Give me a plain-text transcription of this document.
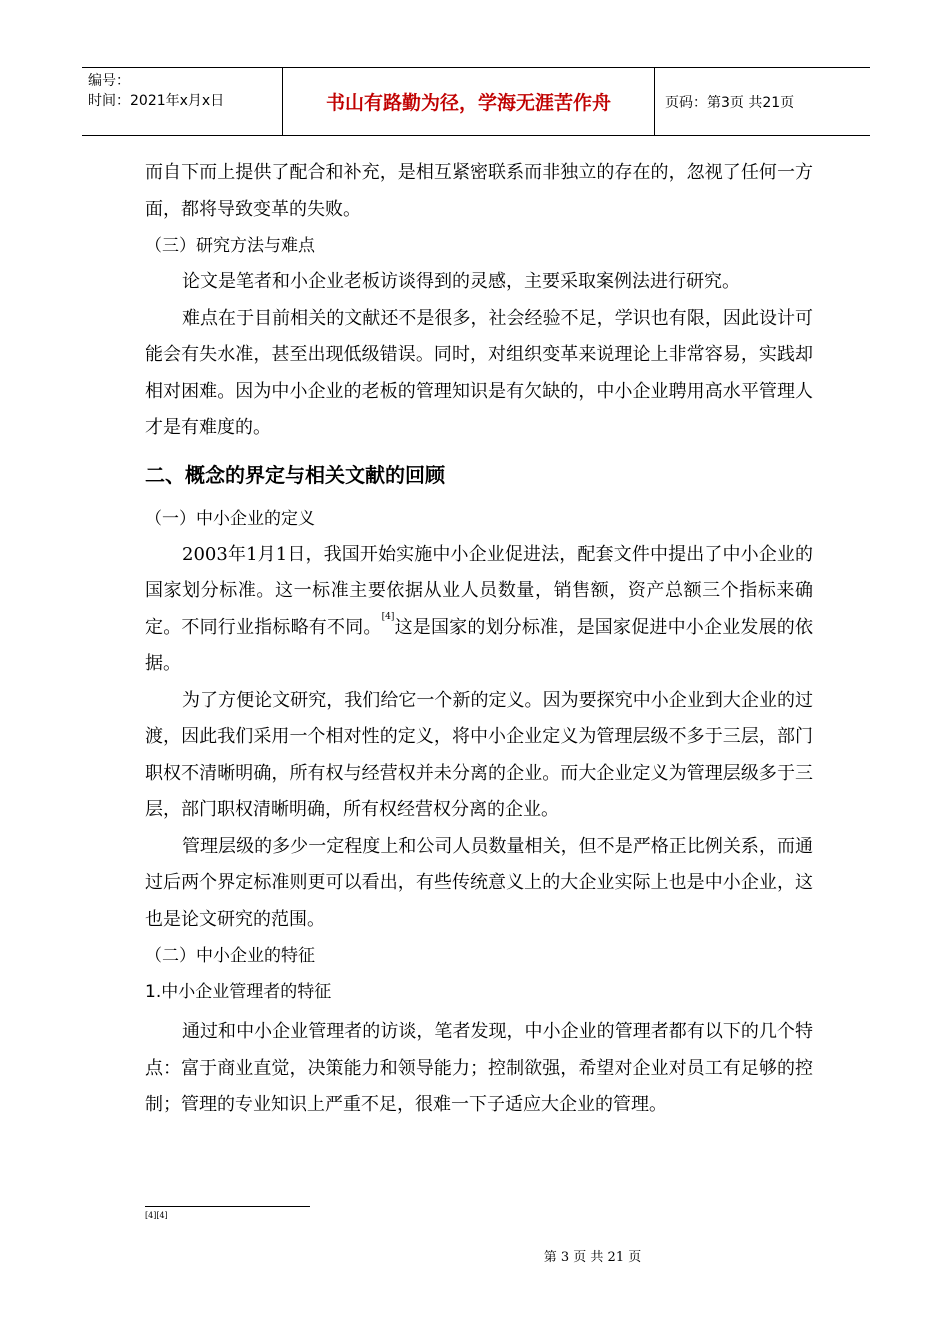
编号：
时间：2021年x月x日	书山有路勤为径，学海无涯苦作舟	页码：第3页 共21页

而自下而上提供了配合和补充，是相互紧密联系而非独立的存在的，忽视了任何一方面，都将导致变革的失败。

（三）研究方法与难点

论文是笔者和小企业老板访谈得到的灵感，主要采取案例法进行研究。

难点在于目前相关的文献还不是很多，社会经验不足，学识也有限，因此设计可能会有失水准，甚至出现低级错误。同时，对组织变革来说理论上非常容易，实践却相对困难。因为中小企业的老板的管理知识是有欠缺的，中小企业聘用高水平管理人才是有难度的。

二、概念的界定与相关文献的回顾

（一）中小企业的定义

2003年1月1日，我国开始实施中小企业促进法，配套文件中提出了中小企业的国家划分标准。这一标准主要依据从业人员数量，销售额，资产总额三个指标来确定。不同行业指标略有不同。[4]这是国家的划分标准，是国家促进中小企业发展的依据。

为了方便论文研究，我们给它一个新的定义。因为要探究中小企业到大企业的过渡，因此我们采用一个相对性的定义，将中小企业定义为管理层级不多于三层，部门职权不清晰明确，所有权与经营权并未分离的企业。而大企业定义为管理层级多于三层，部门职权清晰明确，所有权经营权分离的企业。

管理层级的多少一定程度上和公司人员数量相关，但不是严格正比例关系，而通过后两个界定标准则更可以看出，有些传统意义上的大企业实际上也是中小企业，这也是论文研究的范围。

（二）中小企业的特征

1.中小企业管理者的特征

通过和中小企业管理者的访谈，笔者发现，中小企业的管理者都有以下的几个特点：富于商业直觉，决策能力和领导能力；控制欲强，希望对企业对员工有足够的控制；管理的专业知识上严重不足，很难一下子适应大企业的管理。

[4][4]
第 3 页 共 21 页
